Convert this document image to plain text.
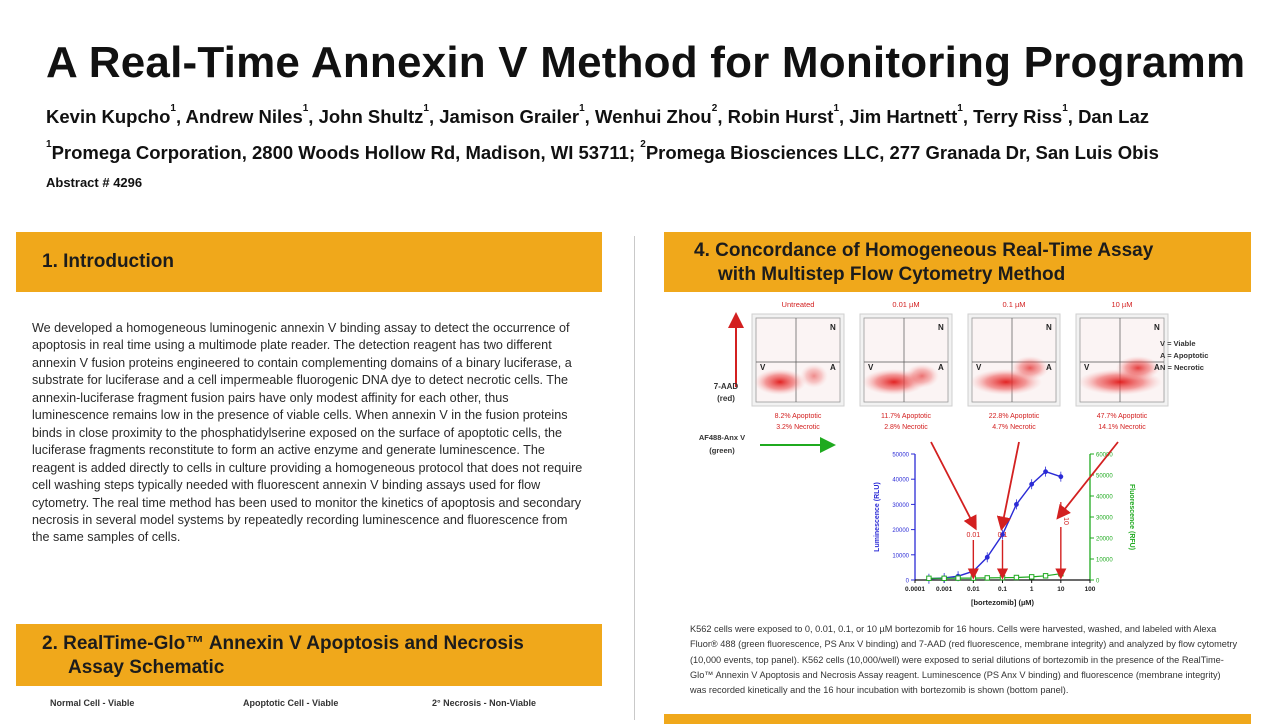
A Real-Time Annexin V Method for Monitoring Programm
Kevin Kupcho$^1$, Andrew Niles$^1$, John Shultz$^1$, Jamison Grailer$^1$, Wenhui Zhou$^2$, Robin Hurst$^1$, Jim Hartnett$^1$, Terry Riss$^1$, Dan Laz
$^1$Promega Corporation, 2800 Woods Hollow Rd, Madison, WI 53711; $^2$Promega Biosciences LLC, 277 Granada Dr, San Luis Obis
Abstract # 4296
1. Introduction

We developed a homogeneous luminogenic annexin V binding assay to detect the occurrence of apoptosis in real time using a multimode plate reader. The detection reagent has two different annexin V fusion proteins engineered to contain complementing domains of a binary luciferase, a substrate for luciferase and a cell impermeable fluorogenic DNA dye to detect necrotic cells. The annexin-luciferase fragment fusion pairs have only modest affinity for each other, thus luminescence remains low in the presence of viable cells. When annexin V in the fusion proteins binds in close proximity to the phosphatidylserine exposed on the surface of apoptotic cells, the luciferase fragments reconstitute to form an active enzyme and generate luminescence. The reagent is added directly to cells in culture providing a homogeneous protocol that does not require cell washing steps typically needed with fluorescent annexin V binding assays used for flow cytometry. The real time method has been used to monitor the kinetics of apoptosis and secondary necrosis in several model systems by repeatedly recording luminescence and fluorescence from the same samples of cells.

2. RealTime-Glo™ Annexin V Apoptosis and Necrosis
Assay Schematic
Normal Cell - Viable	Apoptotic Cell - Viable	2° Necrosis - Non-Viable
4. Concordance of Homogeneous Real-Time Assay
with Multistep Flow Cytometry Method
7-AAD
(red)
AF488-Anx V
(green)
Untreated
V	A
N
8.2% Apoptotic
3.2% Necrotic
0.01 µM
V	A
N
11.7% Apoptotic
2.8% Necrotic
0.1 µM
V	A
N
22.8% Apoptotic
4.7% Necrotic
10 µM
V	A
N
47.7% Apoptotic
14.1% Necrotic
V = Viable
A = Apoptotic
N = Necrotic
0
10000
20000
30000
40000
50000
0
10000
20000
30000
40000
50000
60000
0.0001 0.001 0.01	0.1	1	10	100
[bortezomib] (µM)
Luminescence (RLU)	Fluorescence (RFU)
0.01 0.1
10

K562 cells were exposed to 0, 0.01, 0.1, or 10 µM bortezomib for 16 hours. Cells were harvested, washed, and labeled with Alexa Fluor® 488 (green fluorescence, PS Anx V binding) and 7-AAD (red fluorescence, membrane integrity) and analyzed by flow cytometry (10,000 events, top panel). K562 cells (10,000/well) were exposed to serial dilutions of bortezomib in the presence of the RealTime-Glo™ Annexin V Apoptosis and Necrosis Assay reagent. Luminescence (PS Anx V binding) and fluorescence (membrane integrity) was recorded kinetically and the 16 hour incubation with bortezomib is shown (bottom panel).
